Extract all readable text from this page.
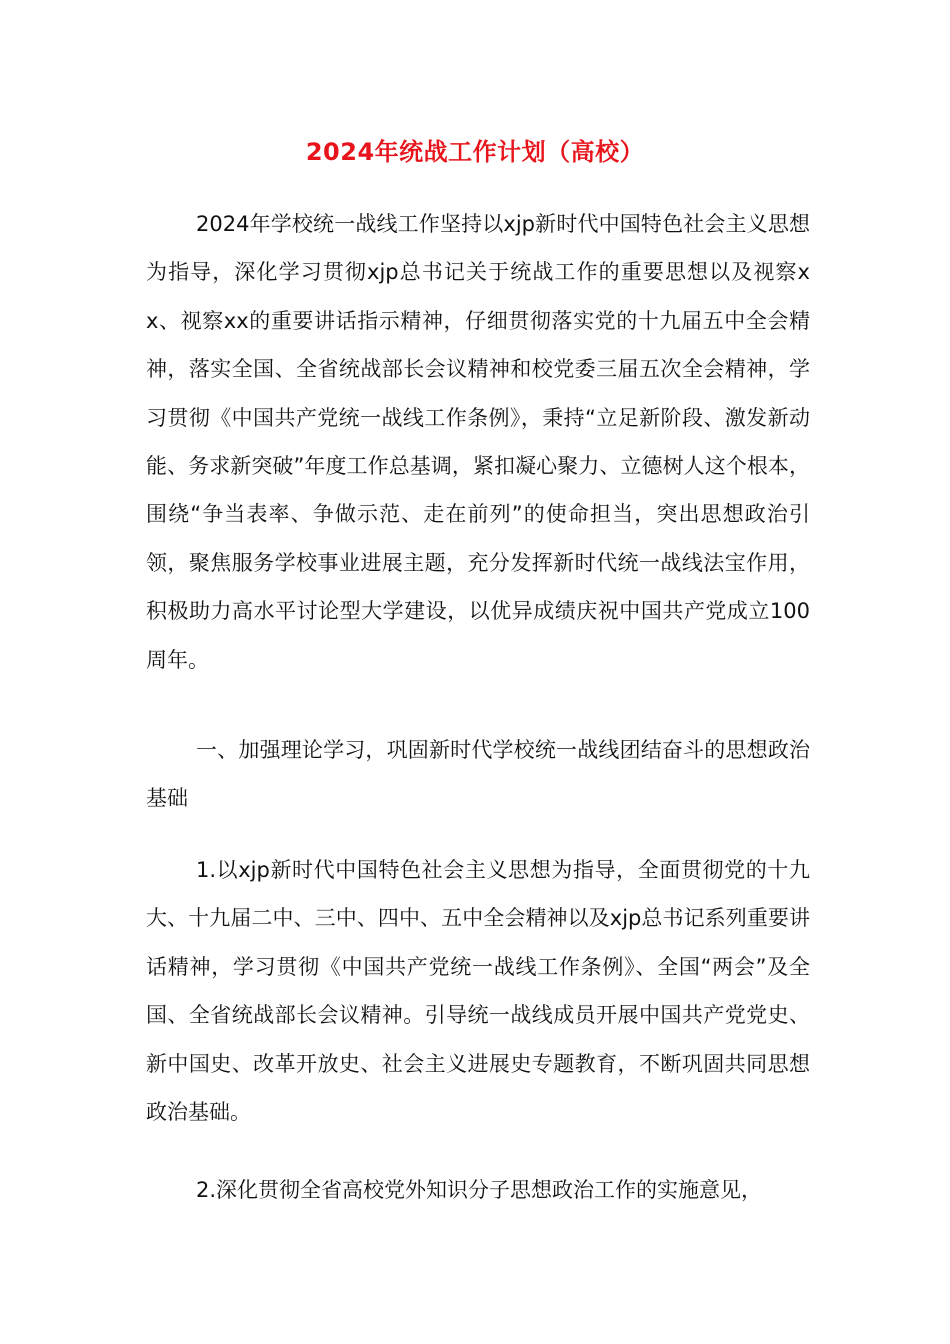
2024年统战工作计划（高校）

2024年学校统一战线工作坚持以xjp新时代中国特色社会主义思想为指导，深化学习贯彻xjp总书记关于统战工作的重要思想以及视察xx、视察xx的重要讲话指示精神，仔细贯彻落实党的十九届五中全会精神，落实全国、全省统战部长会议精神和校党委三届五次全会精神，学习贯彻《中国共产党统一战线工作条例》，秉持“立足新阶段、激发新动能、务求新突破”年度工作总基调，紧扣凝心聚力、立德树人这个根本，围绕“争当表率、争做示范、走在前列”的使命担当，突出思想政治引领，聚焦服务学校事业进展主题，充分发挥新时代统一战线法宝作用，积极助力高水平讨论型大学建设，以优异成绩庆祝中国共产党成立100周年。

一、加强理论学习，巩固新时代学校统一战线团结奋斗的思想政治基础

1.以xjp新时代中国特色社会主义思想为指导，全面贯彻党的十九大、十九届二中、三中、四中、五中全会精神以及xjp总书记系列重要讲话精神，学习贯彻《中国共产党统一战线工作条例》、全国“两会”及全国、全省统战部长会议精神。引导统一战线成员开展中国共产党党史、新中国史、改革开放史、社会主义进展史专题教育，不断巩固共同思想政治基础。

2.深化贯彻全省高校党外知识分子思想政治工作的实施意见，
